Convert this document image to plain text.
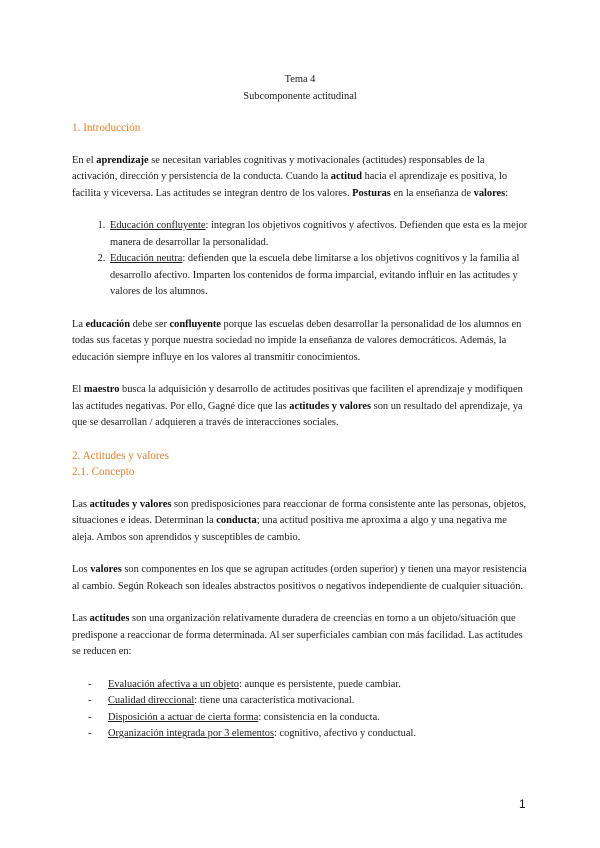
Tema 4

Subcomponente actitudinal

1. Introducción

En el aprendizaje se necesitan variables cognitivas y motivacionales (actitudes) responsables de la activación, dirección y persistencia de la conducta. Cuando la actitud hacia el aprendizaje es positiva, lo facilita y viceversa. Las actitudes se integran dentro de los valores. Posturas en la enseñanza de valores:

1. Educación confluyente: integran los objetivos cognitivos y afectivos. Defienden que esta es la mejor manera de desarrollar la personalidad.
2. Educación neutra: defienden que la escuela debe limitarse a los objetivos cognitivos y la familia al desarrollo afectivo. Imparten los contenidos de forma imparcial, evitando influir en las actitudes y valores de los alumnos.

La educación debe ser confluyente porque las escuelas deben desarrollar la personalidad de los alumnos en todas sus facetas y porque nuestra sociedad no impide la enseñanza de valores democráticos. Además, la educación siempre influye en los valores al transmitir conocimientos.

El maestro busca la adquisición y desarrollo de actitudes positivas que faciliten el aprendizaje y modifiquen las actitudes negativas. Por ello, Gagné dice que las actitudes y valores son un resultado del aprendizaje, ya que se desarrollan / adquieren a través de interacciones sociales.

2. Actitudes y valores

2.1. Concepto

Las actitudes y valores son predisposiciones para reaccionar de forma consistente ante las personas, objetos, situaciones e ideas. Determinan la conducta; una actitud positiva me aproxima a algo y una negativa me aleja. Ambos son aprendidos y susceptibles de cambio.

Los valores son componentes en los que se agrupan actitudes (orden superior) y tienen una mayor resistencia al cambio. Según Rokeach son ideales abstractos positivos o negativos independiente de cualquier situación.

Las actitudes son una organización relativamente duradera de creencias en torno a un objeto/situación que predispone a reaccionar de forma determinada. Al ser superficiales cambian con más facilidad. Las actitudes se reducen en:

- Evaluación afectiva a un objeto: aunque es persistente, puede cambiar.
- Cualidad direccional: tiene una característica motivacional.
- Disposición a actuar de cierta forma: consistencia en la conducta.
- Organización integrada por 3 elementos: cognitivo, afectivo y conductual.
1
